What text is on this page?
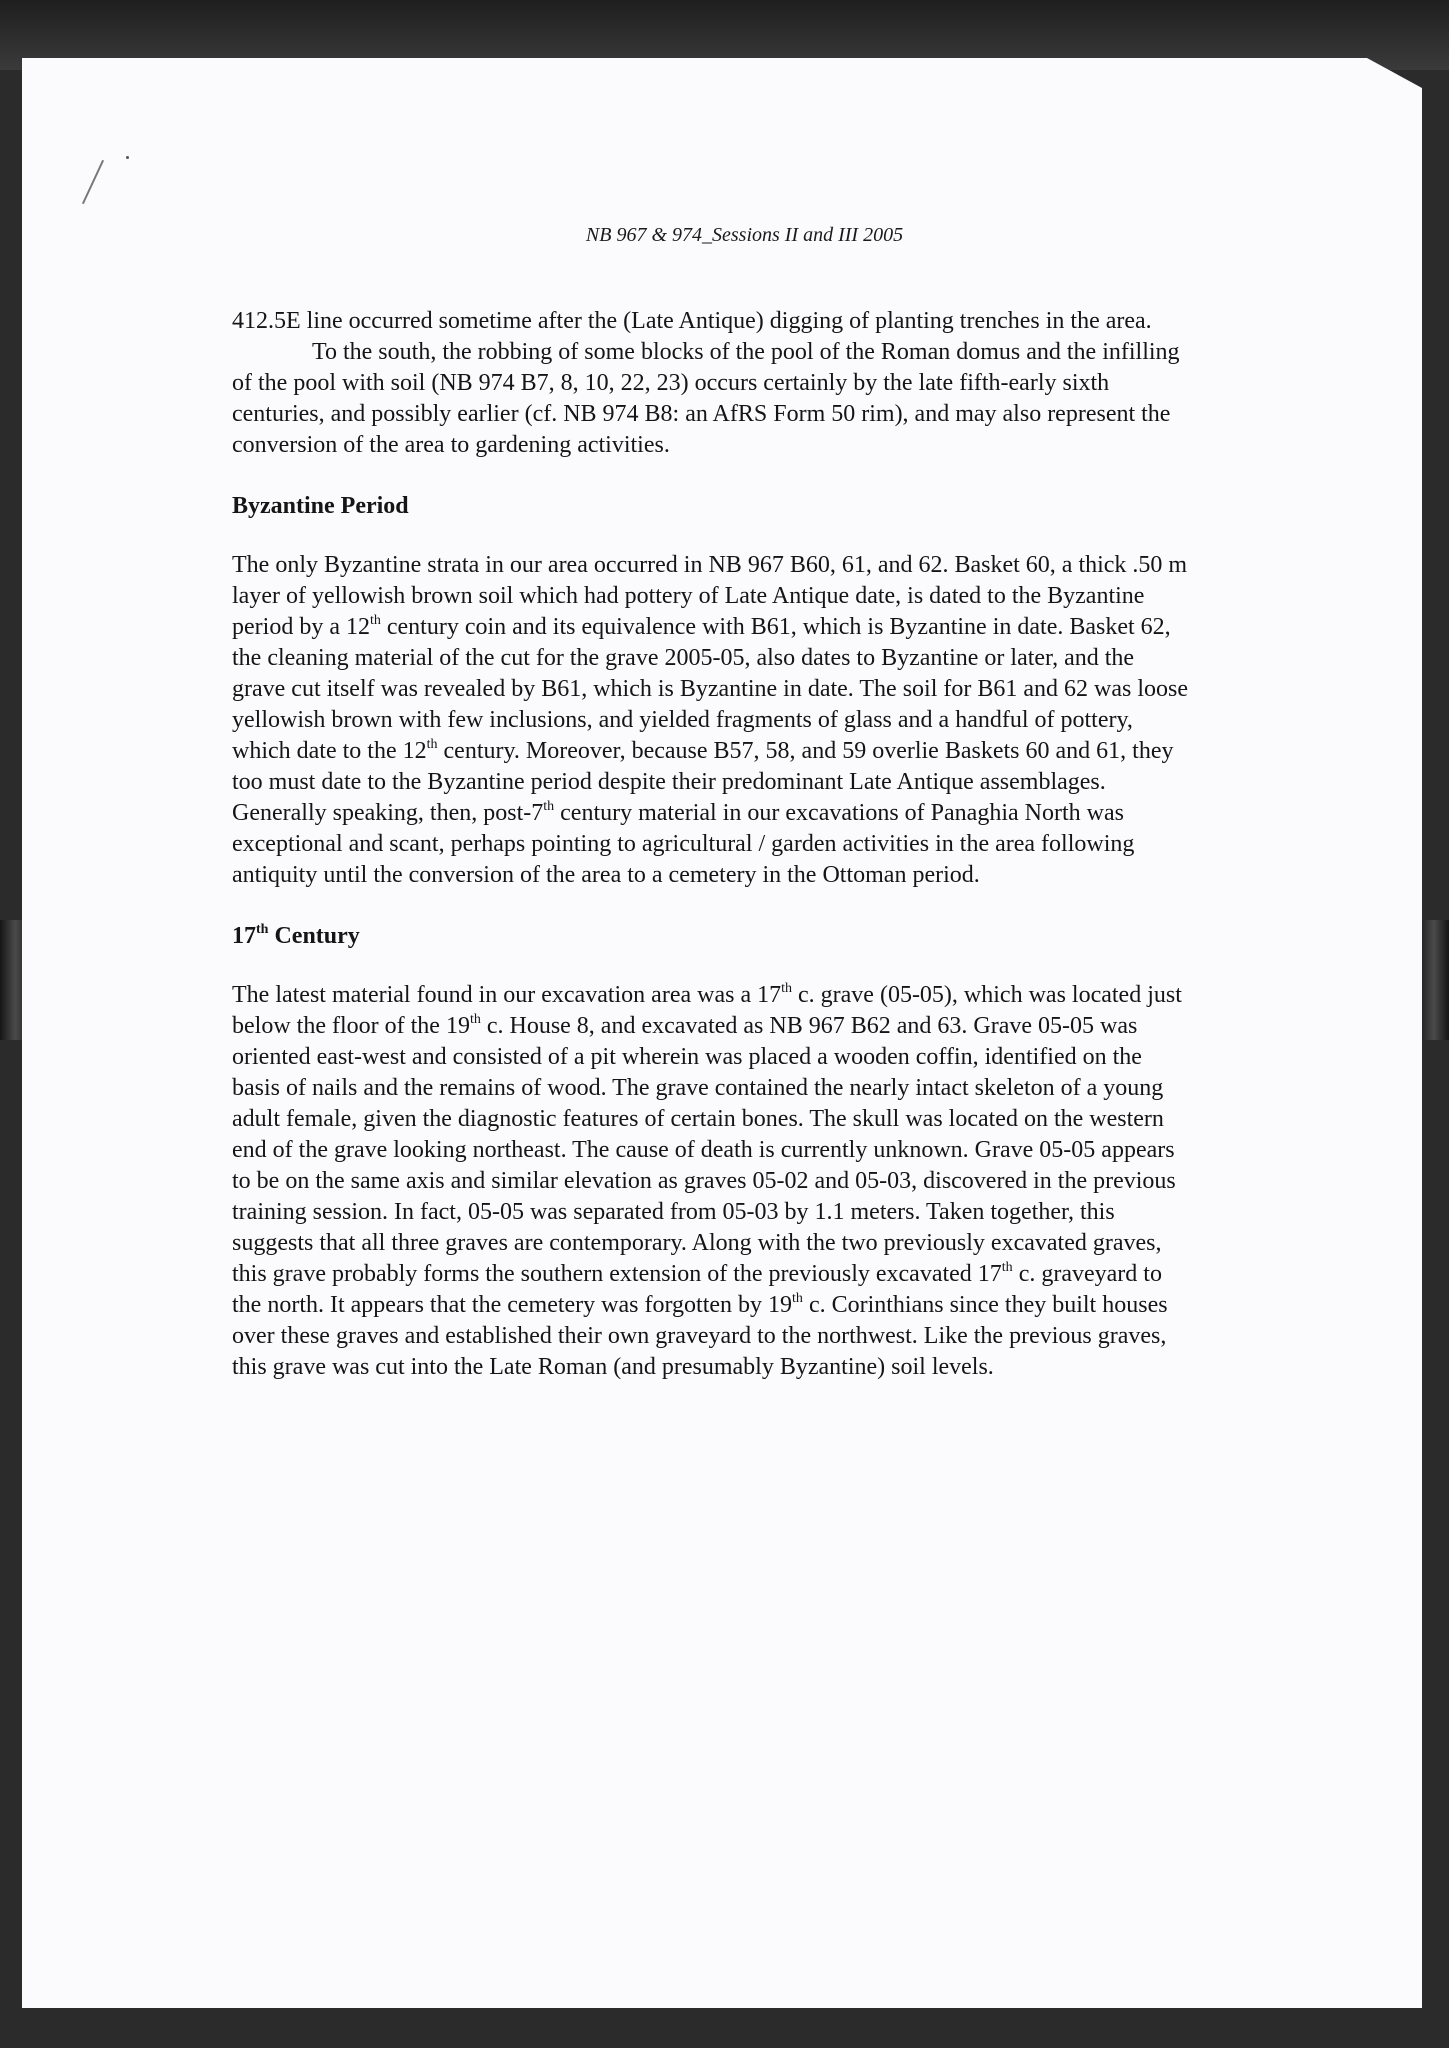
NB 967 & 974_Sessions II and III 2005

412.5E line occurred sometime after the (Late Antique) digging of planting trenches in the area.

To the south, the robbing of some blocks of the pool of the Roman domus and the infilling of the pool with soil (NB 974 B7, 8, 10, 22, 23) occurs certainly by the late fifth-early sixth centuries, and possibly earlier (cf. NB 974 B8: an AfRS Form 50 rim), and may also represent the conversion of the area to gardening activities.

Byzantine Period

The only Byzantine strata in our area occurred in NB 967 B60, 61, and 62. Basket 60, a thick .50 m layer of yellowish brown soil which had pottery of Late Antique date, is dated to the Byzantine period by a 12th century coin and its equivalence with B61, which is Byzantine in date. Basket 62, the cleaning material of the cut for the grave 2005-05, also dates to Byzantine or later, and the grave cut itself was revealed by B61, which is Byzantine in date. The soil for B61 and 62 was loose yellowish brown with few inclusions, and yielded fragments of glass and a handful of pottery, which date to the 12th century. Moreover, because B57, 58, and 59 overlie Baskets 60 and 61, they too must date to the Byzantine period despite their predominant Late Antique assemblages. Generally speaking, then, post-7th century material in our excavations of Panaghia North was exceptional and scant, perhaps pointing to agricultural / garden activities in the area following antiquity until the conversion of the area to a cemetery in the Ottoman period.

17th Century

The latest material found in our excavation area was a 17th c. grave (05-05), which was located just below the floor of the 19th c. House 8, and excavated as NB 967 B62 and 63. Grave 05-05 was oriented east-west and consisted of a pit wherein was placed a wooden coffin, identified on the basis of nails and the remains of wood. The grave contained the nearly intact skeleton of a young adult female, given the diagnostic features of certain bones. The skull was located on the western end of the grave looking northeast. The cause of death is currently unknown. Grave 05-05 appears to be on the same axis and similar elevation as graves 05-02 and 05-03, discovered in the previous training session. In fact, 05-05 was separated from 05-03 by 1.1 meters. Taken together, this suggests that all three graves are contemporary. Along with the two previously excavated graves, this grave probably forms the southern extension of the previously excavated 17th c. graveyard to the north. It appears that the cemetery was forgotten by 19th c. Corinthians since they built houses over these graves and established their own graveyard to the northwest. Like the previous graves, this grave was cut into the Late Roman (and presumably Byzantine) soil levels.
